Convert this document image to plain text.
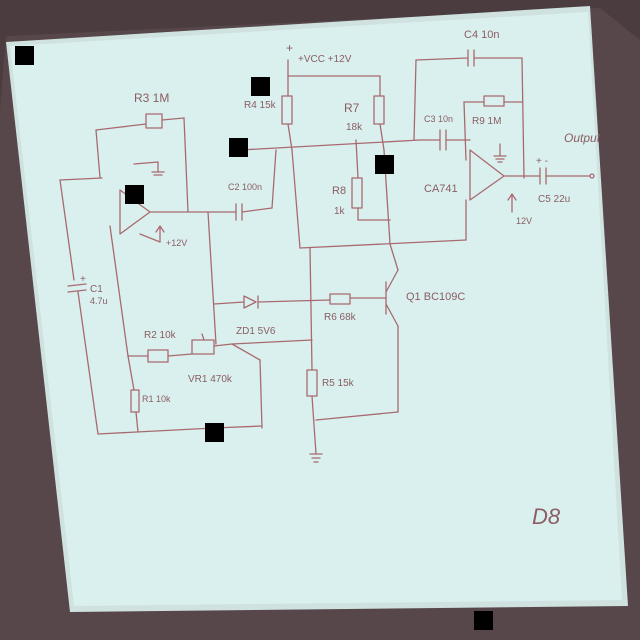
+
+VCC +12V
R3 1M
R4 15k	R7
18k
R8
1k
C4 10n
C3 10n R9 1M
Output
+ -
C5 22u
CA741
12V
C2 100n
+12V
+
C1
4.7u
R2 10k	ZD1 5V6
R6 68k
Q1 BC109C
VR1 470k
R1 10k
R5 15k
D8
